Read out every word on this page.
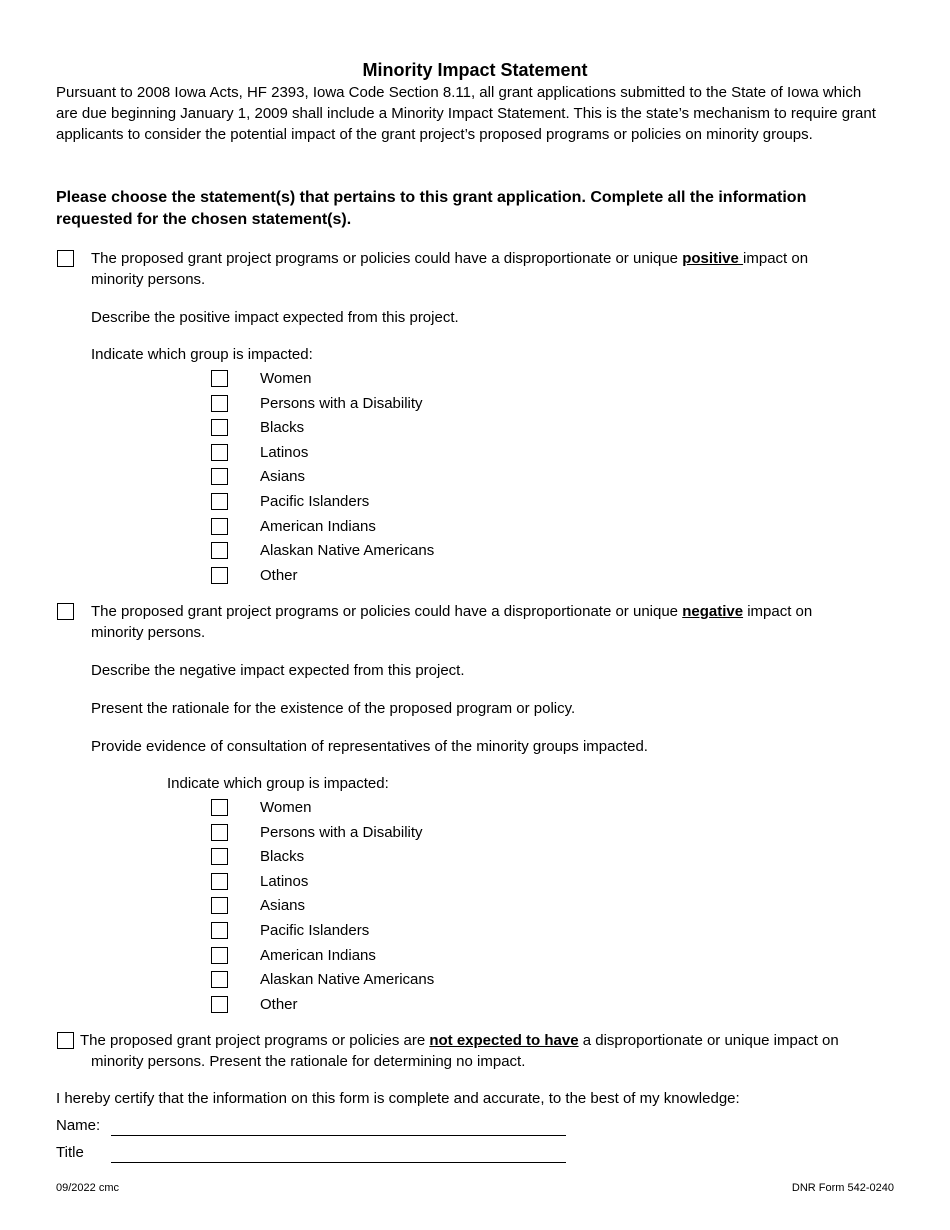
Minority Impact Statement
Pursuant to 2008 Iowa Acts, HF 2393, Iowa Code Section 8.11, all grant applications submitted to the State of Iowa which are due beginning January 1, 2009 shall include a Minority Impact Statement. This is the state’s mechanism to require grant applicants to consider the potential impact of the grant project’s proposed programs or policies on minority groups.
Please choose the statement(s) that pertains to this grant application. Complete all the information requested for the chosen statement(s).
The proposed grant project programs or policies could have a disproportionate or unique positive impact on
minority persons.
Describe the positive impact expected from this project.
Indicate which group is impacted:
Women
Persons with a Disability
Blacks
Latinos
Asians
Pacific Islanders
American Indians
Alaskan Native Americans
Other
The proposed grant project programs or policies could have a disproportionate or unique negative impact on
minority persons.
Describe the negative impact expected from this project.
Present the rationale for the existence of the proposed program or policy.
Provide evidence of consultation of representatives of the minority groups impacted.
Indicate which group is impacted:
Women
Persons with a Disability
Blacks
Latinos
Asians
Pacific Islanders
American Indians
Alaskan Native Americans
Other
The proposed grant project programs or policies are not expected to have a disproportionate or unique impact on
minority persons. Present the rationale for determining no impact.
I hereby certify that the information on this form is complete and accurate, to the best of my knowledge:
Name:
Title
09/2022 cmc	DNR Form 542-0240
